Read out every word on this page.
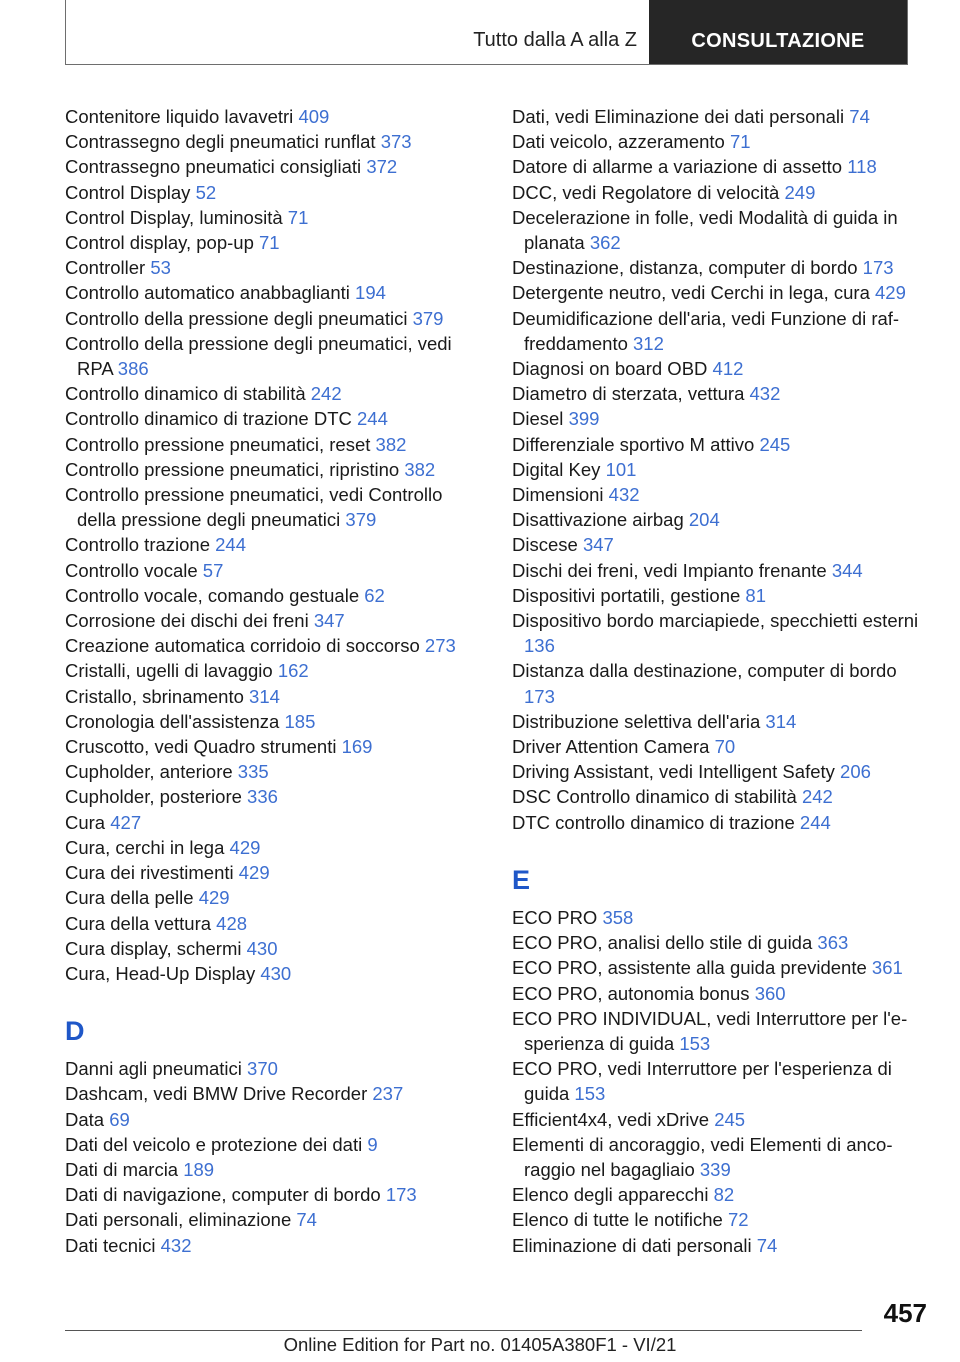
Tutto dalla A alla Z	CONSULTAZIONE
Contenitore liquido lavavetri 409
Contrassegno degli pneumatici runflat 373
Contrassegno pneumatici consigliati 372
Control Display 52
Control Display, luminosità 71
Control display, pop-up 71
Controller 53
Controllo automatico anabbaglianti 194
Controllo della pressione degli pneumatici 379
Controllo della pressione degli pneumatici, vedi RPA 386
Controllo dinamico di stabilità 242
Controllo dinamico di trazione DTC 244
Controllo pressione pneumatici, reset 382
Controllo pressione pneumatici, ripristino 382
Controllo pressione pneumatici, vedi Controllo della pressione degli pneumatici 379
Controllo trazione 244
Controllo vocale 57
Controllo vocale, comando gestuale 62
Corrosione dei dischi dei freni 347
Creazione automatica corridoio di soccorso 273
Cristalli, ugelli di lavaggio 162
Cristallo, sbrinamento 314
Cronologia dell'assistenza 185
Cruscotto, vedi Quadro strumenti 169
Cupholder, anteriore 335
Cupholder, posteriore 336
Cura 427
Cura, cerchi in lega 429
Cura dei rivestimenti 429
Cura della pelle 429
Cura della vettura 428
Cura display, schermi 430
Cura, Head-Up Display 430
D
Danni agli pneumatici 370
Dashcam, vedi BMW Drive Recorder 237
Data 69
Dati del veicolo e protezione dei dati 9
Dati di marcia 189
Dati di navigazione, computer di bordo 173
Dati personali, eliminazione 74
Dati tecnici 432
Dati, vedi Eliminazione dei dati personali 74
Dati veicolo, azzeramento 71
Datore di allarme a variazione di assetto 118
DCC, vedi Regolatore di velocità 249
Decelerazione in folle, vedi Modalità di guida in planata 362
Destinazione, distanza, computer di bordo 173
Detergente neutro, vedi Cerchi in lega, cura 429
Deumidificazione dell'aria, vedi Funzione di raffreddamento 312
Diagnosi on board OBD 412
Diametro di sterzata, vettura 432
Diesel 399
Differenziale sportivo M attivo 245
Digital Key 101
Dimensioni 432
Disattivazione airbag 204
Discese 347
Dischi dei freni, vedi Impianto frenante 344
Dispositivi portatili, gestione 81
Dispositivo bordo marciapiede, specchietti esterni 136
Distanza dalla destinazione, computer di bordo 173
Distribuzione selettiva dell'aria 314
Driver Attention Camera 70
Driving Assistant, vedi Intelligent Safety 206
DSC Controllo dinamico di stabilità 242
DTC controllo dinamico di trazione 244
E
ECO PRO 358
ECO PRO, analisi dello stile di guida 363
ECO PRO, assistente alla guida previdente 361
ECO PRO, autonomia bonus 360
ECO PRO INDIVIDUAL, vedi Interruttore per l'esperienza di guida 153
ECO PRO, vedi Interruttore per l'esperienza di guida 153
Efficient4x4, vedi xDrive 245
Elementi di ancoraggio, vedi Elementi di ancoraggio nel bagagliaio 339
Elenco degli apparecchi 82
Elenco di tutte le notifiche 72
Eliminazione di dati personali 74
457
Online Edition for Part no. 01405A380F1 - VI/21
